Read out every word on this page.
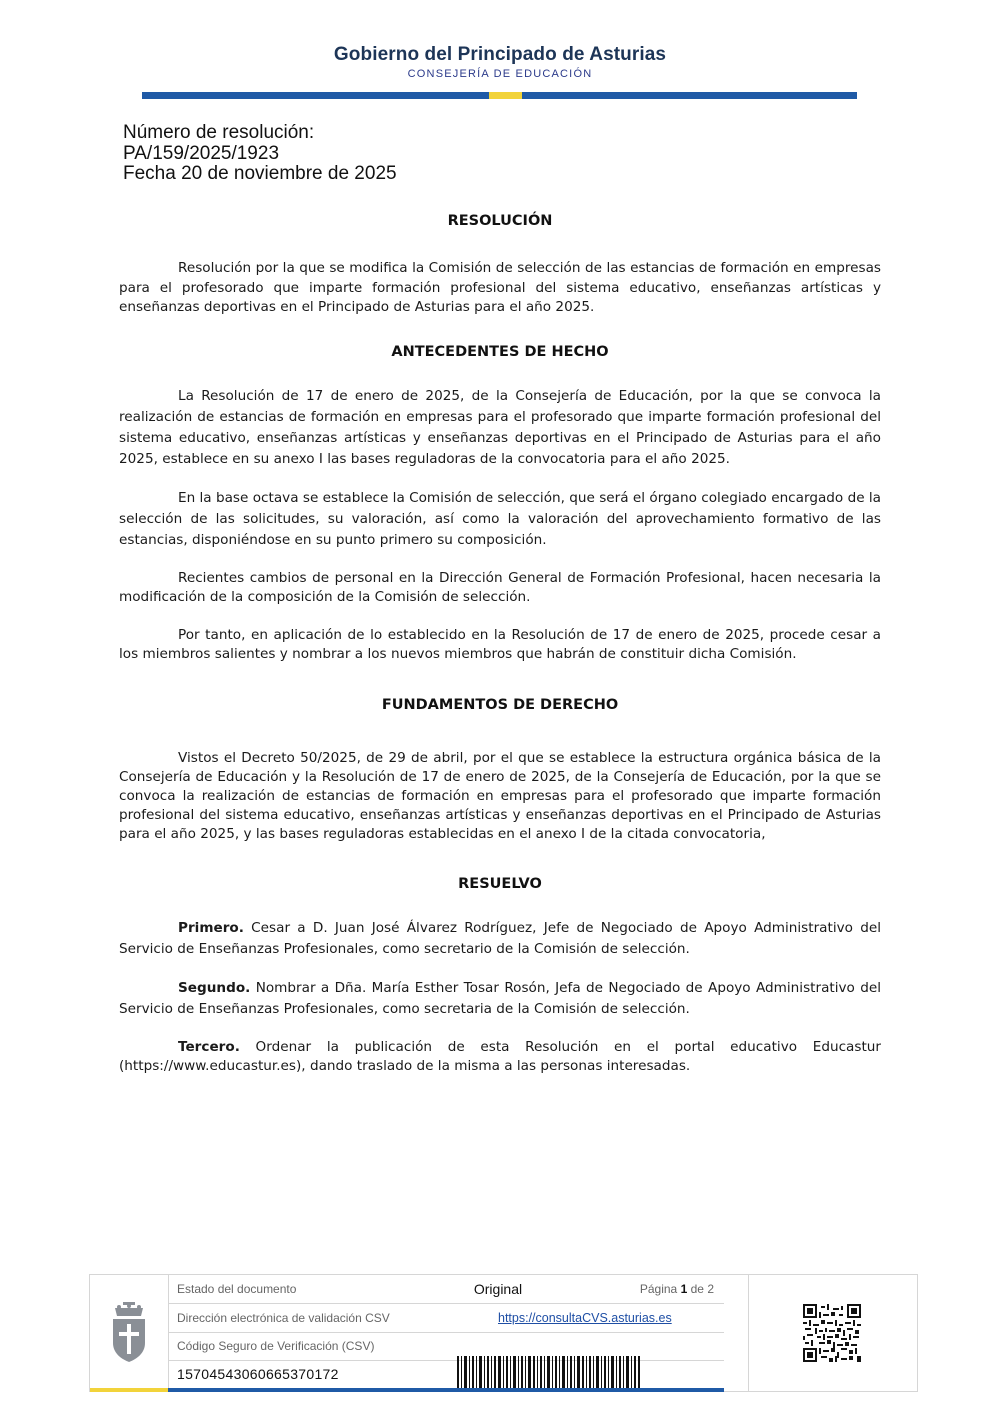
Gobierno del Principado de Asturias
CONSEJERÍA DE EDUCACIÓN
Número de resolución:
PA/159/2025/1923
Fecha 20 de noviembre de 2025
RESOLUCIÓN

Resolución por la que se modifica la Comisión de selección de las estancias de formación en empresas para el profesorado que imparte formación profesional del sistema educativo, enseñanzas artísticas y enseñanzas deportivas en el Principado de Asturias para el año 2025.

ANTECEDENTES DE HECHO

La Resolución de 17 de enero de 2025, de la Consejería de Educación, por la que se convoca la realización de estancias de formación en empresas para el profesorado que imparte formación profesional del sistema educativo, enseñanzas artísticas y enseñanzas deportivas en el Principado de Asturias para el año 2025, establece en su anexo I las bases reguladoras de la convocatoria para el año 2025.

En la base octava se establece la Comisión de selección, que será el órgano colegiado encargado de la selección de las solicitudes, su valoración, así como la valoración del aprovechamiento formativo de las estancias, disponiéndose en su punto primero su composición.

Recientes cambios de personal en la Dirección General de Formación Profesional, hacen necesaria la modificación de la composición de la Comisión de selección.

Por tanto, en aplicación de lo establecido en la Resolución de 17 de enero de 2025, procede cesar a los miembros salientes y nombrar a los nuevos miembros que habrán de constituir dicha Comisión.

FUNDAMENTOS DE DERECHO

Vistos el Decreto 50/2025, de 29 de abril, por el que se establece la estructura orgánica básica de la Consejería de Educación y la Resolución de 17 de enero de 2025, de la Consejería de Educación, por la que se convoca la realización de estancias de formación en empresas para el profesorado que imparte formación profesional del sistema educativo, enseñanzas artísticas y enseñanzas deportivas en el Principado de Asturias para el año 2025, y las bases reguladoras establecidas en el anexo I de la citada convocatoria,

RESUELVO

Primero. Cesar a D. Juan José Álvarez Rodríguez, Jefe de Negociado de Apoyo Administrativo del Servicio de Enseñanzas Profesionales, como secretario de la Comisión de selección.

Segundo. Nombrar a Dña. María Esther Tosar Rosón, Jefa de Negociado de Apoyo Administrativo del Servicio de Enseñanzas Profesionales, como secretaria de la Comisión de selección.

Tercero. Ordenar la publicación de esta Resolución en el portal educativo Educastur (https://www.educastur.es), dando traslado de la misma a las personas interesadas.

Estado del documento	Original	Página 1 de 2
Dirección electrónica de validación CSV	https://consultaCVS.asturias.es
Código Seguro de Verificación (CSV)
15704543060665370172
